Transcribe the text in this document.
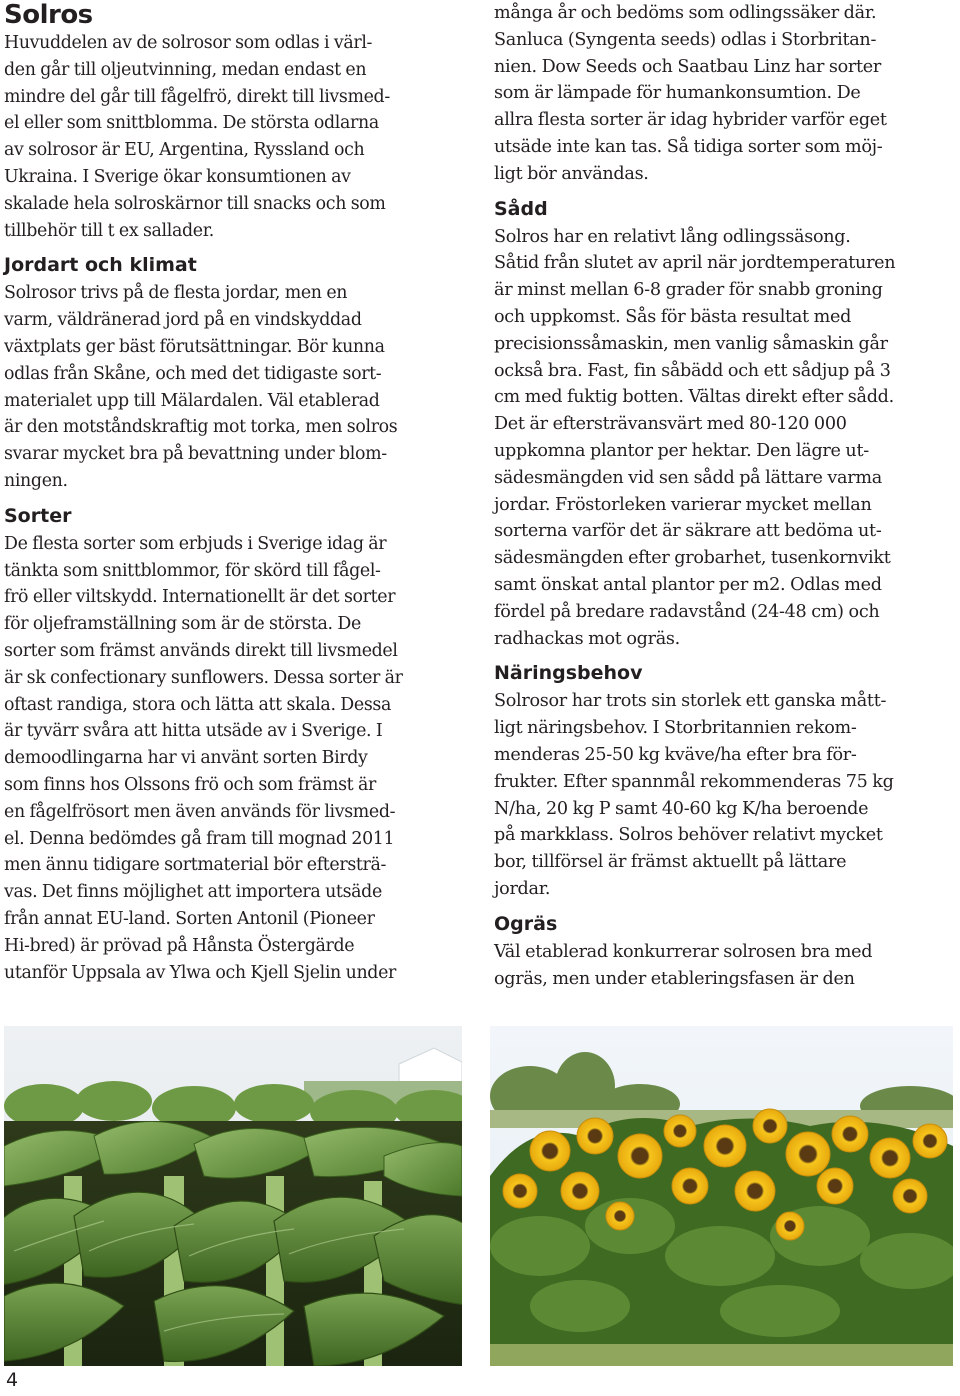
Solros

Huvuddelen av de solrosor som odlas i värl-

den går till oljeutvinning, medan endast en

mindre del går till fågelfrö, direkt till livsmed-

el eller som snittblomma. De största odlarna

av solrosor är EU, Argentina, Ryssland och

Ukraina. I Sverige ökar konsumtionen av

skalade hela solroskärnor till snacks och som

tillbehör till t ex sallader.

Jordart och klimat

Solrosor trivs på de flesta jordar, men en

varm, väldränerad jord på en vindskyddad

växtplats ger bäst förutsättningar. Bör kunna

odlas från Skåne, och med det tidigaste sort-

materialet upp till Mälardalen. Väl etablerad

är den motståndskraftig mot torka, men solros

svarar mycket bra på bevattning under blom-

ningen.

Sorter

De flesta sorter som erbjuds i Sverige idag är

tänkta som snittblommor, för skörd till fågel-

frö eller viltskydd. Internationellt är det sorter

för oljeframställning som är de största. De

sorter som främst används direkt till livsmedel

är sk confectionary sunflowers. Dessa sorter är

oftast randiga, stora och lätta att skala. Dessa

är tyvärr svåra att hitta utsäde av i Sverige. I

demoodlingarna har vi använt sorten Birdy

som finns hos Olssons frö och som främst är

en fågelfrösort men även används för livsmed-

el. Denna bedömdes gå fram till mognad 2011

men ännu tidigare sortmaterial bör eftersträ-

vas. Det finns möjlighet att importera utsäde

från annat EU-land. Sorten Antonil (Pioneer

Hi-bred) är prövad på Hånsta Östergärde

utanför Uppsala av Ylwa och Kjell Sjelin under

många år och bedöms som odlingssäker där.

Sanluca (Syngenta seeds) odlas i Storbritan-

nien. Dow Seeds och Saatbau Linz har sorter

som är lämpade för humankonsumtion. De

allra flesta sorter är idag hybrider varför eget

utsäde inte kan tas. Så tidiga sorter som möj-

ligt bör användas.

Sådd

Solros har en relativt lång odlingssäsong.

Såtid från slutet av april när jordtemperaturen

är minst mellan 6-8 grader för snabb groning

och uppkomst. Sås för bästa resultat med

precisionssåmaskin, men vanlig såmaskin går

också bra. Fast, fin såbädd och ett sådjup på 3

cm med fuktig botten. Vältas direkt efter sådd.

Det är eftersträvansvärt med 80-120 000

uppkomna plantor per hektar. Den lägre ut-

sädesmängden vid sen sådd på lättare varma

jordar. Fröstorleken varierar mycket mellan

sorterna varför det är säkrare att bedöma ut-

sädesmängden efter grobarhet, tusenkornvikt

samt önskat antal plantor per m2. Odlas med

fördel på bredare radavstånd (24-48 cm) och

radhackas mot ogräs.

Näringsbehov

Solrosor har trots sin storlek ett ganska mått-

ligt näringsbehov. I Storbritannien rekom-

menderas 25-50 kg kväve/ha efter bra för-

frukter. Efter spannmål rekommenderas 75 kg

N/ha, 20 kg P samt 40-60 kg K/ha beroende

på markklass. Solros behöver relativt mycket

bor, tillförsel är främst aktuellt på lättare

jordar.

Ogräs

Väl etablerad konkurrerar solrosen bra med

ogräs, men under etableringsfasen är den

4
